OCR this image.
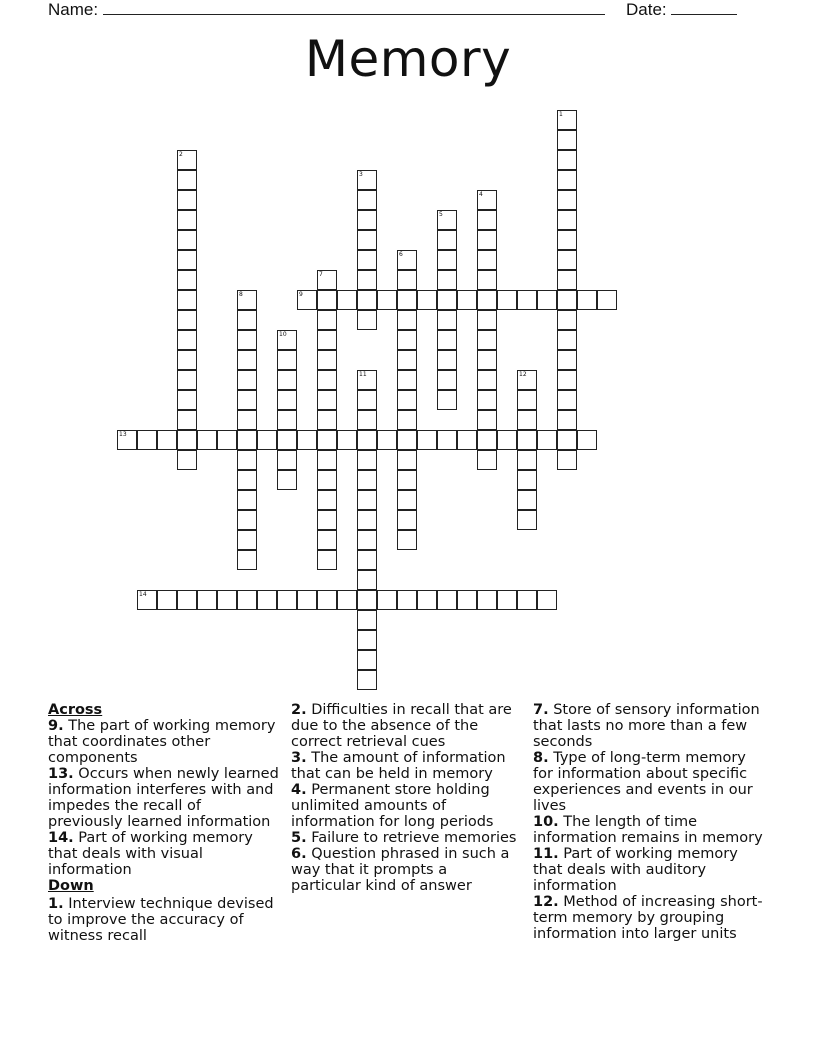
Name:	Date:
Memory
1
2
3
4
5
6
7
8	9
10
11	12
13
14

Across

9. The part of working memory that coordinates other components

13. Occurs when newly learned information interferes with and impedes the recall of previously learned information

14. Part of working memory that deals with visual information

Down

1. Interview technique devised to improve the accuracy of witness recall

2. Difficulties in recall that are due to the absence of the correct retrieval cues

3. The amount of information that can be held in memory

4. Permanent store holding unlimited amounts of information for long periods

5. Failure to retrieve memories

6. Question phrased in such a way that it prompts a particular kind of answer

7. Store of sensory information that lasts no more than a few seconds

8. Type of long-term memory for information about specific experiences and events in our lives

10. The length of time information remains in memory

11. Part of working memory that deals with auditory information

12. Method of increasing short-term memory by grouping information into larger units
